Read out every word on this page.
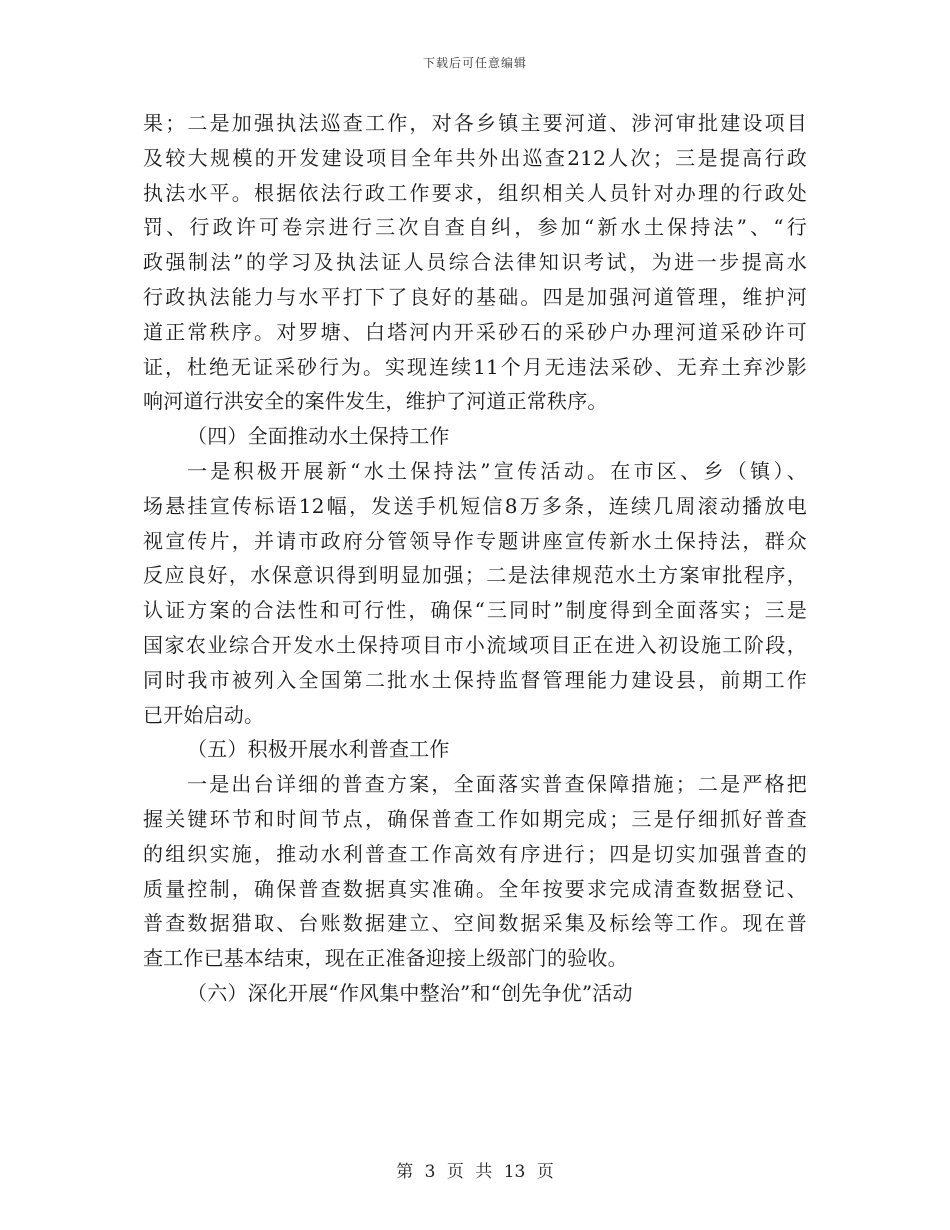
下载后可任意编辑
果；二是加强执法巡查工作，对各乡镇主要河道、涉河审批建设项目
及较大规模的开发建设项目全年共外出巡查212人次；三是提高行政
执法水平。根据依法行政工作要求，组织相关人员针对办理的行政处
罚、行政许可卷宗进行三次自查自纠，参加“新水土保持法”、“行
政强制法”的学习及执法证人员综合法律知识考试，为进一步提高水
行政执法能力与水平打下了良好的基础。四是加强河道管理，维护河
道正常秩序。对罗塘、白塔河内开采砂石的采砂户办理河道采砂许可
证，杜绝无证采砂行为。实现连续11个月无违法采砂、无弃土弃沙影
响河道行洪安全的案件发生，维护了河道正常秩序。
（四）全面推动水土保持工作
一是积极开展新“水土保持法”宣传活动。在市区、乡（镇）、
场悬挂宣传标语12幅，发送手机短信8万多条，连续几周滚动播放电
视宣传片，并请市政府分管领导作专题讲座宣传新水土保持法，群众
反应良好，水保意识得到明显加强；二是法律规范水土方案审批程序，
认证方案的合法性和可行性，确保“三同时”制度得到全面落实；三是
国家农业综合开发水土保持项目市小流域项目正在进入初设施工阶段，
同时我市被列入全国第二批水土保持监督管理能力建设县，前期工作
已开始启动。
（五）积极开展水利普查工作
一是出台详细的普查方案，全面落实普查保障措施；二是严格把
握关键环节和时间节点，确保普查工作如期完成；三是仔细抓好普查
的组织实施，推动水利普查工作高效有序进行；四是切实加强普查的
质量控制，确保普查数据真实准确。全年按要求完成清查数据登记、
普查数据猎取、台账数据建立、空间数据采集及标绘等工作。现在普
查工作已基本结束，现在正准备迎接上级部门的验收。
（六）深化开展“作风集中整治”和“创先争优”活动
第 3 页 共 13 页
